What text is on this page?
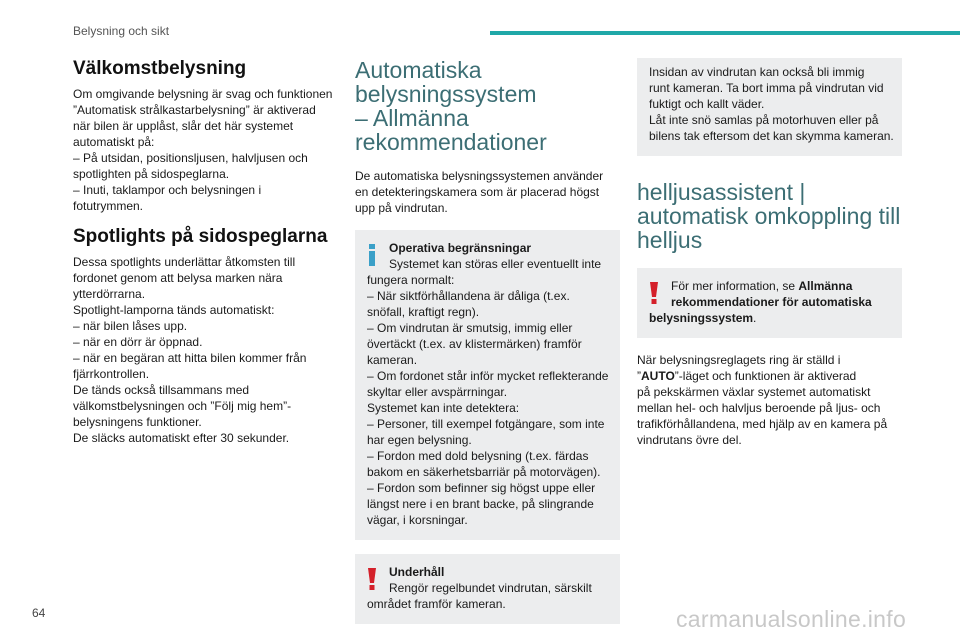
Belysning och sikt
Välkomstbelysning

Om omgivande belysning är svag och funktionen
”Automatisk strålkastarbelysning” är aktiverad
när bilen är upplåst, slår det här systemet
automatiskt på:
– På utsidan, positionsljusen, halvljusen och
spotlighten på sidospeglarna.
– Inuti, taklampor och belysningen i
fotutrymmen.

Spotlights på sidospeglarna

Dessa spotlights underlättar åtkomsten till
fordonet genom att belysa marken nära
ytterdörrarna.
Spotlight-lamporna tänds automatiskt:
– när bilen låses upp.
– när en dörr är öppnad.
– när en begäran att hitta bilen kommer från
fjärrkontrollen.
De tänds också tillsammans med
välkomstbelysningen och ”Följ mig hem”-
belysningens funktioner.
De släcks automatiskt efter 30 sekunder.

Automatiska
belysningssystem
– Allmänna
rekommendationer

De automatiska belysningssystemen använder
en detekteringskamera som är placerad högst
upp på vindrutan.

Operativa begränsningar
Systemet kan störas eller eventuellt inte
fungera normalt:
– När siktförhållandena är dåliga (t.ex.
snöfall, kraftigt regn).
– Om vindrutan är smutsig, immig eller
övertäckt (t.ex. av klistermärken) framför
kameran.
– Om fordonet står inför mycket reflekterande
skyltar eller avspärrningar.
Systemet kan inte detektera:
– Personer, till exempel fotgängare, som inte
har egen belysning.
– Fordon med dold belysning (t.ex. färdas
bakom en säkerhetsbarriär på motorvägen).
– Fordon som befinner sig högst uppe eller
längst nere i en brant backe, på slingrande
vägar, i korsningar.
Underhåll
Rengör regelbundet vindrutan, särskilt
området framför kameran.
Insidan av vindrutan kan också bli immig
runt kameran. Ta bort imma på vindrutan vid
fuktigt och kallt väder.
Låt inte snö samlas på motorhuven eller på
bilens tak eftersom det kan skymma kameran.
helljusassistent |
automatisk omkoppling till
helljus
För mer information, se Allmänna
rekommendationer för automatiska
belysningssystem.

När belysningsreglagets ring är ställd i
”AUTO”-läget och funktionen är aktiverad
på pekskärmen växlar systemet automatiskt
mellan hel- och halvljus beroende på ljus- och
trafikförhållandena, med hjälp av en kamera på
vindrutans övre del.

64	carmanualsonline.info
